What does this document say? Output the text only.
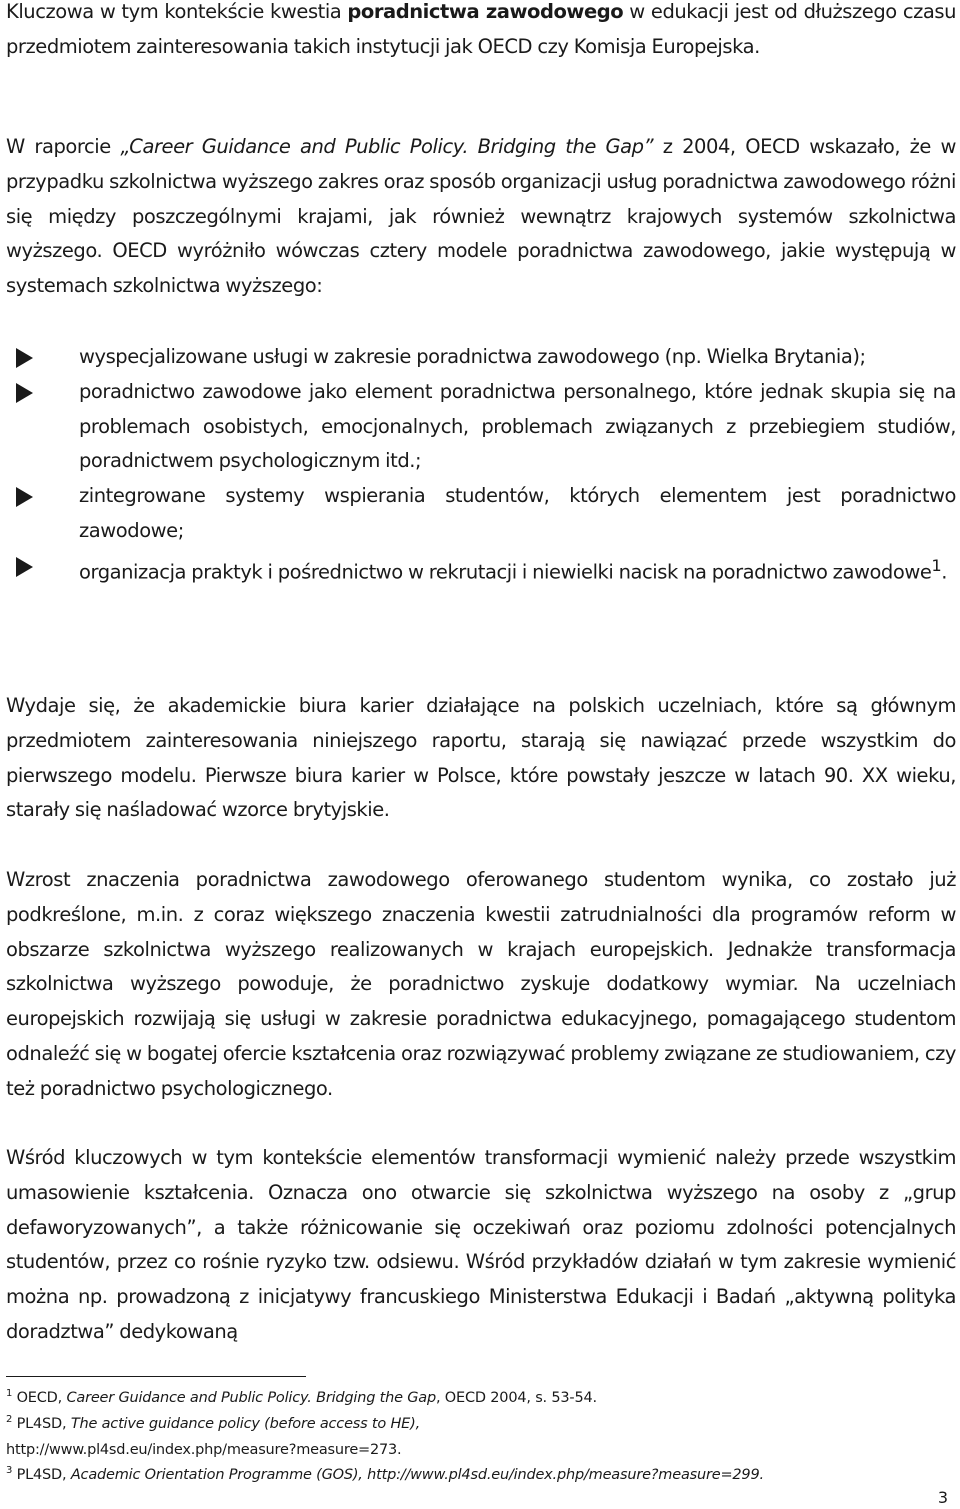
Kluczowa w tym kontekście kwestia poradnictwa zawodowego w edukacji jest od dłuższego czasu przedmiotem zainteresowania takich instytucji jak OECD czy Komisja Europejska.

W raporcie „Career Guidance and Public Policy. Bridging the Gap” z 2004, OECD wskazało, że w przypadku szkolnictwa wyższego zakres oraz sposób organizacji usług poradnictwa zawodowego różni się między poszczególnymi krajami, jak również wewnątrz krajowych systemów szkolnictwa wyższego. OECD wyróżniło wówczas cztery modele poradnictwa zawodowego, jakie występują w systemach szkolnictwa wyższego:

wyspecjalizowane usługi w zakresie poradnictwa zawodowego (np. Wielka Brytania);
poradnictwo zawodowe jako element poradnictwa personalnego, które jednak skupia się na problemach osobistych, emocjonalnych, problemach związanych z przebiegiem studiów, poradnictwem psychologicznym itd.;
zintegrowane systemy wspierania studentów, których elementem jest poradnictwo zawodowe;
organizacja praktyk i pośrednictwo w rekrutacji i niewielki nacisk na poradnictwo zawodowe$^1$.

Wydaje się, że akademickie biura karier działające na polskich uczelniach, które są głównym przedmiotem zainteresowania niniejszego raportu, starają się nawiązać przede wszystkim do pierwszego modelu. Pierwsze biura karier w Polsce, które powstały jeszcze w latach 90. XX wieku, starały się naśladować wzorce brytyjskie.

Wzrost znaczenia poradnictwa zawodowego oferowanego studentom wynika, co zostało już podkreślone, m.in. z coraz większego znaczenia kwestii zatrudnialności dla programów reform w obszarze szkolnictwa wyższego realizowanych w krajach europejskich. Jednakże transformacja szkolnictwa wyższego powoduje, że poradnictwo zyskuje dodatkowy wymiar. Na uczelniach europejskich rozwijają się usługi w zakresie poradnictwa edukacyjnego, pomagającego studentom odnaleźć się w bogatej ofercie kształcenia oraz rozwiązywać problemy związane ze studiowaniem, czy też poradnictwo psychologicznego.

Wśród kluczowych w tym kontekście elementów transformacji wymienić należy przede wszystkim umasowienie kształcenia. Oznacza ono otwarcie się szkolnictwa wyższego na osoby z „grup defaworyzowanych”, a także różnicowanie się oczekiwań oraz poziomu zdolności potencjalnych studentów, przez co rośnie ryzyko tzw. odsiewu. Wśród przykładów działań w tym zakresie wymienić można np. prowadzoną z inicjatywy francuskiego Ministerstwa Edukacji i Badań „aktywną polityka doradztwa” dedykowaną

$^1$ OECD, Career Guidance and Public Policy. Bridging the Gap, OECD 2004, s. 53-54.
$^2$ PL4SD, The active guidance policy (before access to HE),
http://www.pl4sd.eu/index.php/measure?measure=273.
$^3$ PL4SD, Academic Orientation Programme (GOS), http://www.pl4sd.eu/index.php/measure?measure=299.
3
